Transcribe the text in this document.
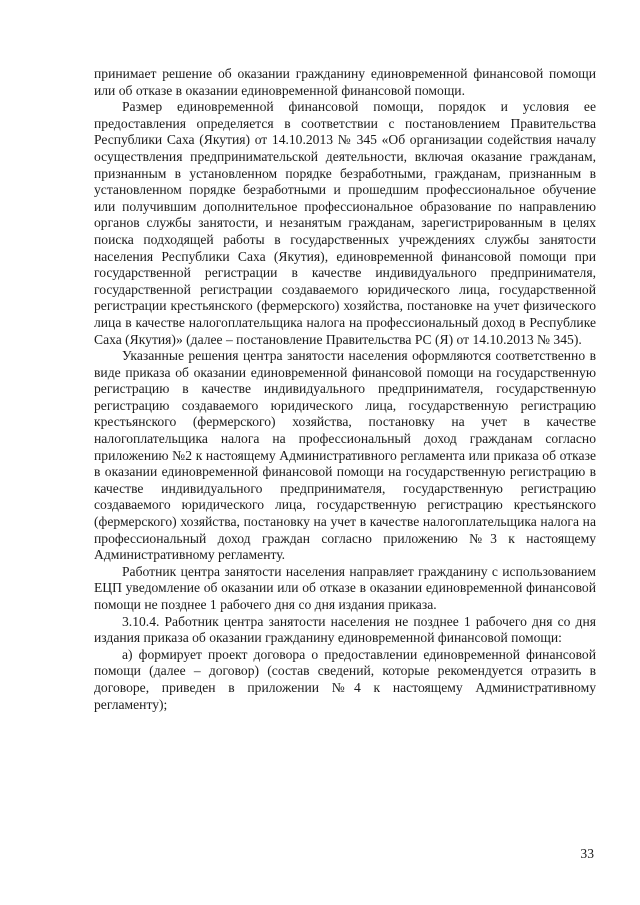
принимает решение об оказании гражданину единовременной финансовой помощи или об отказе в оказании единовременной финансовой помощи.

Размер единовременной финансовой помощи, порядок и условия ее предоставления определяется в соответствии с постановлением Правительства Республики Саха (Якутия) от 14.10.2013 № 345 «Об организации содействия началу осуществления предпринимательской деятельности, включая оказание гражданам, признанным в установленном порядке безработными, гражданам, признанным в установленном порядке безработными и прошедшим профессиональное обучение или получившим дополнительное профессиональное образование по направлению органов службы занятости, и незанятым гражданам, зарегистрированным в целях поиска подходящей работы в государственных учреждениях службы занятости населения Республики Саха (Якутия), единовременной финансовой помощи при государственной регистрации в качестве индивидуального предпринимателя, государственной регистрации создаваемого юридического лица, государственной регистрации крестьянского (фермерского) хозяйства, постановке на учет физического лица в качестве налогоплательщика налога на профессиональный доход в Республике Саха (Якутия)» (далее – постановление Правительства РС (Я) от 14.10.2013 № 345).

Указанные решения центра занятости населения оформляются соответственно в виде приказа об оказании единовременной финансовой помощи на государственную регистрацию в качестве индивидуального предпринимателя, государственную регистрацию создаваемого юридического лица, государственную регистрацию крестьянского (фермерского) хозяйства, постановку на учет в качестве налогоплательщика налога на профессиональный доход гражданам согласно приложению №2 к настоящему Административного регламента или приказа об отказе в оказании единовременной финансовой помощи на государственную регистрацию в качестве индивидуального предпринимателя, государственную регистрацию создаваемого юридического лица, государственную регистрацию крестьянского (фермерского) хозяйства, постановку на учет в качестве налогоплательщика налога на профессиональный доход граждан согласно приложению №3 к настоящему Административному регламенту.

Работник центра занятости населения направляет гражданину с использованием ЕЦП уведомление об оказании или об отказе в оказании единовременной финансовой помощи не позднее 1 рабочего дня со дня издания приказа.

3.10.4. Работник центра занятости населения не позднее 1 рабочего дня со дня издания приказа об оказании гражданину единовременной финансовой помощи:

а) формирует проект договора о предоставлении единовременной финансовой помощи (далее – договор) (состав сведений, которые рекомендуется отразить в договоре, приведен в приложении №4 к настоящему Административному регламенту);

33
